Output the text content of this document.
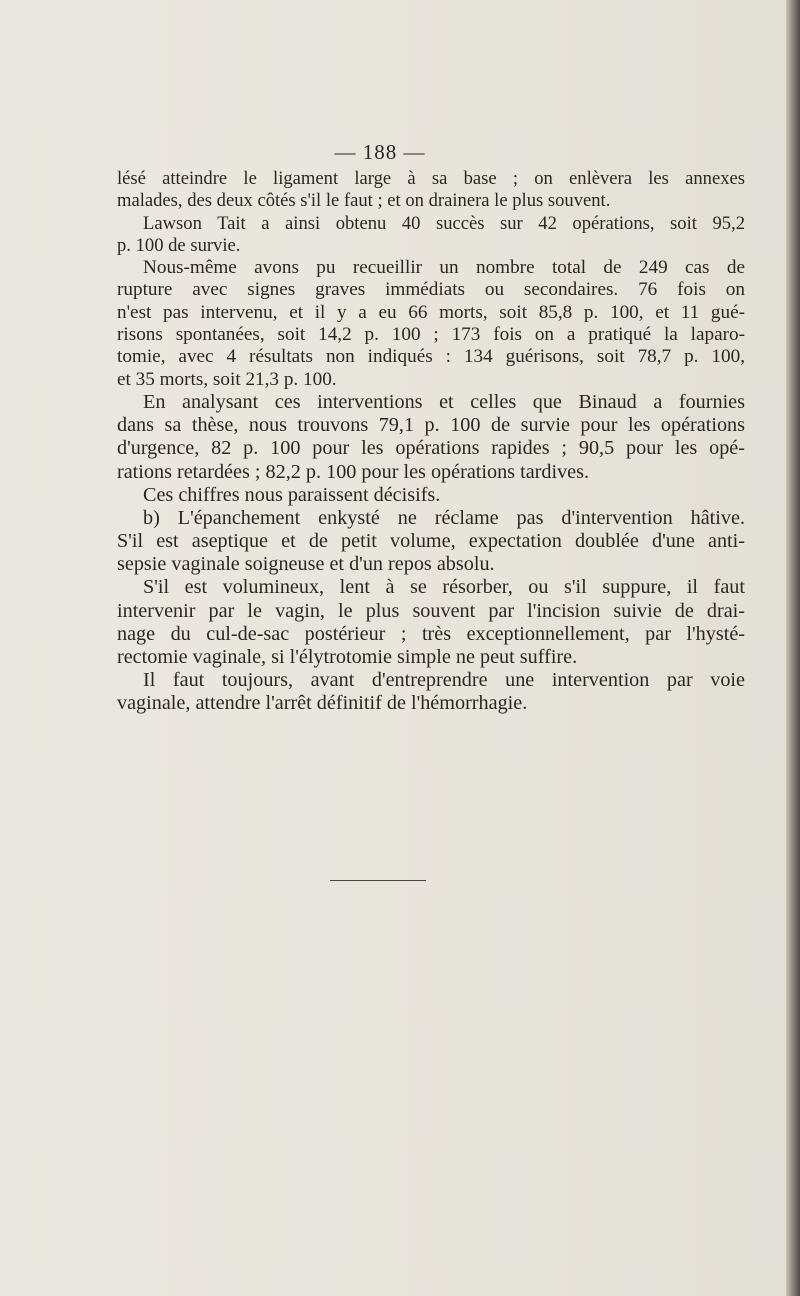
— 188 —
lésé atteindre le ligament large à sa base ; on enlèvera les annexes
malades, des deux côtés s'il le faut ; et on drainera le plus souvent.
Lawson Tait a ainsi obtenu 40 succès sur 42 opérations, soit 95,2
p. 100 de survie.
Nous-même avons pu recueillir un nombre total de 249 cas de
rupture avec signes graves immédiats ou secondaires. 76 fois on
n'est pas intervenu, et il y a eu 66 morts, soit 85,8 p. 100, et 11 gué-
risons spontanées, soit 14,2 p. 100 ; 173 fois on a pratiqué la laparo-
tomie, avec 4 résultats non indiqués : 134 guérisons, soit 78,7 p. 100,
et 35 morts, soit 21,3 p. 100.
En analysant ces interventions et celles que Binaud a fournies
dans sa thèse, nous trouvons 79,1 p. 100 de survie pour les opérations
d'urgence, 82 p. 100 pour les opérations rapides ; 90,5 pour les opé-
rations retardées ; 82,2 p. 100 pour les opérations tardives.
Ces chiffres nous paraissent décisifs.
b) L'épanchement enkysté ne réclame pas d'intervention hâtive.
S'il est aseptique et de petit volume, expectation doublée d'une anti-
sepsie vaginale soigneuse et d'un repos absolu.
S'il est volumineux, lent à se résorber, ou s'il suppure, il faut
intervenir par le vagin, le plus souvent par l'incision suivie de drai-
nage du cul-de-sac postérieur ; très exceptionnellement, par l'hysté-
rectomie vaginale, si l'élytrotomie simple ne peut suffire.
Il faut toujours, avant d'entreprendre une intervention par voie
vaginale, attendre l'arrêt définitif de l'hémorrhagie.
